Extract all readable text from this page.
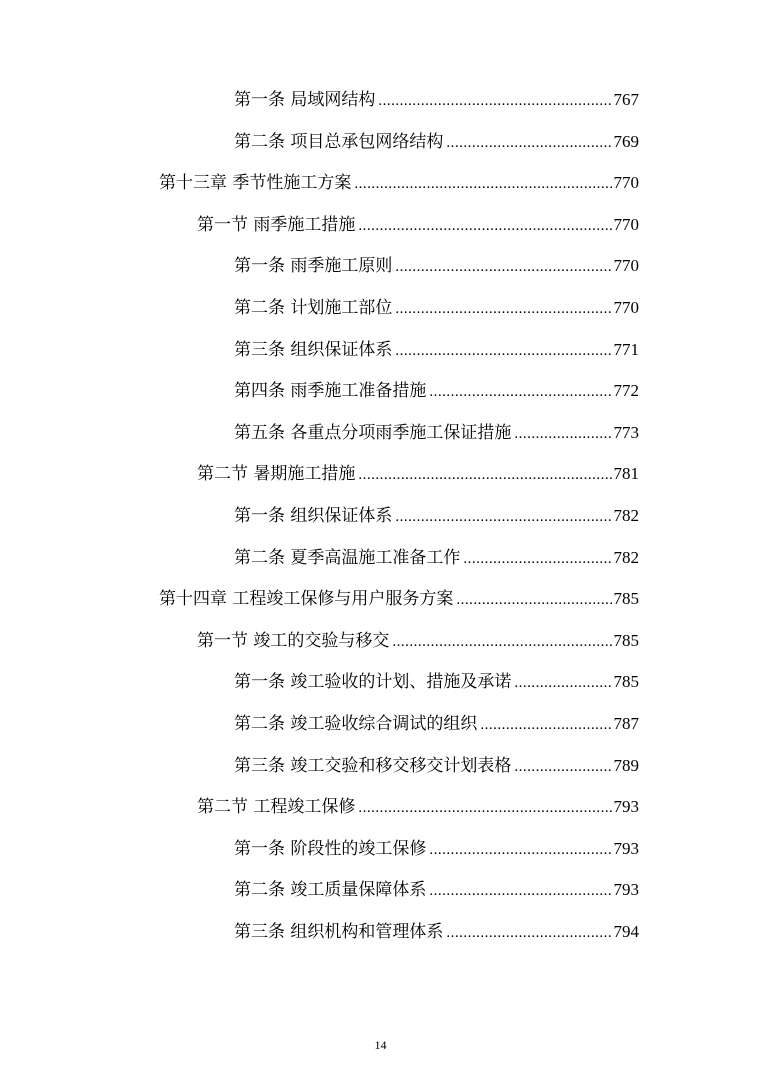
第一条 局域网结构 .....	767
第二条 项目总承包网络结构 .....	769
第十三章 季节性施工方案 .....	770
第一节 雨季施工措施 .....	770
第一条 雨季施工原则 .....	770
第二条 计划施工部位 .....	770
第三条 组织保证体系 .....	771
第四条 雨季施工准备措施 .....	772
第五条 各重点分项雨季施工保证措施 .....	773
第二节 暑期施工措施 .....	781
第一条 组织保证体系 .....	782
第二条 夏季高温施工准备工作 .....	782
第十四章 工程竣工保修与用户服务方案 .....	785
第一节 竣工的交验与移交 .....	785
第一条 竣工验收的计划、措施及承诺 .....	785
第二条 竣工验收综合调试的组织 .....	787
第三条 竣工交验和移交移交计划表格 .....	789
第二节 工程竣工保修 .....	793
第一条 阶段性的竣工保修 .....	793
第二条 竣工质量保障体系 .....	793
第三条 组织机构和管理体系 .....	794
14
